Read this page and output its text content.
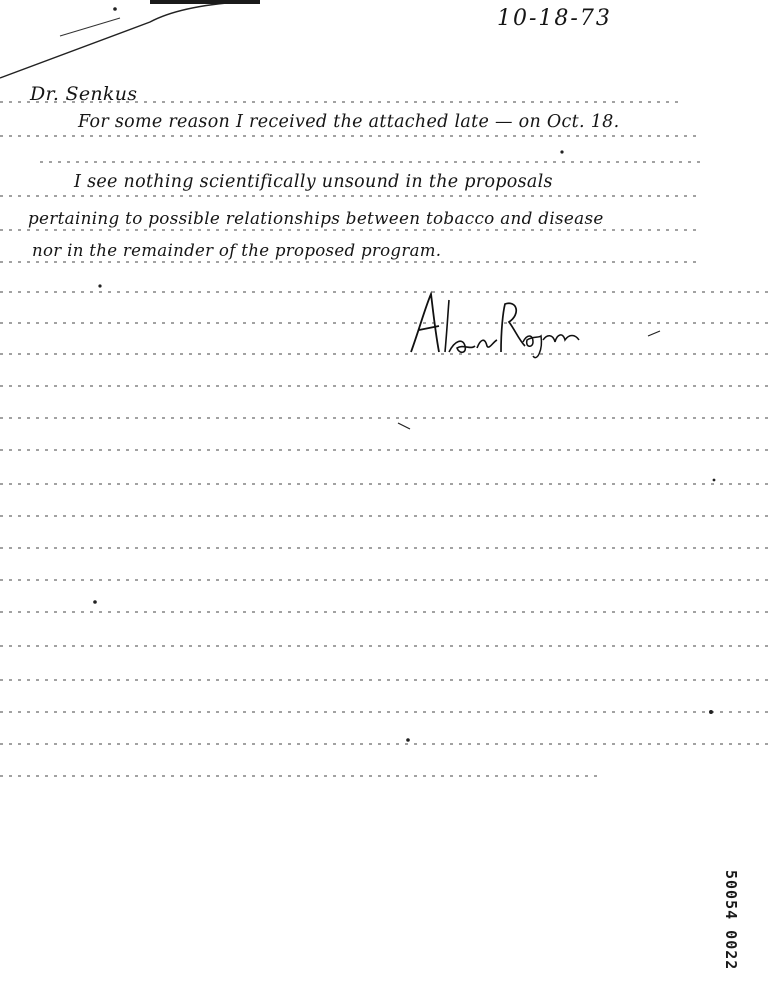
10-18-73
Dr. Senkus
For some reason I received the attached late — on Oct. 18.
I see nothing scientifically unsound in the proposals
pertaining to possible relationships between tobacco and disease
nor in the remainder of the proposed program.
50054 0022
